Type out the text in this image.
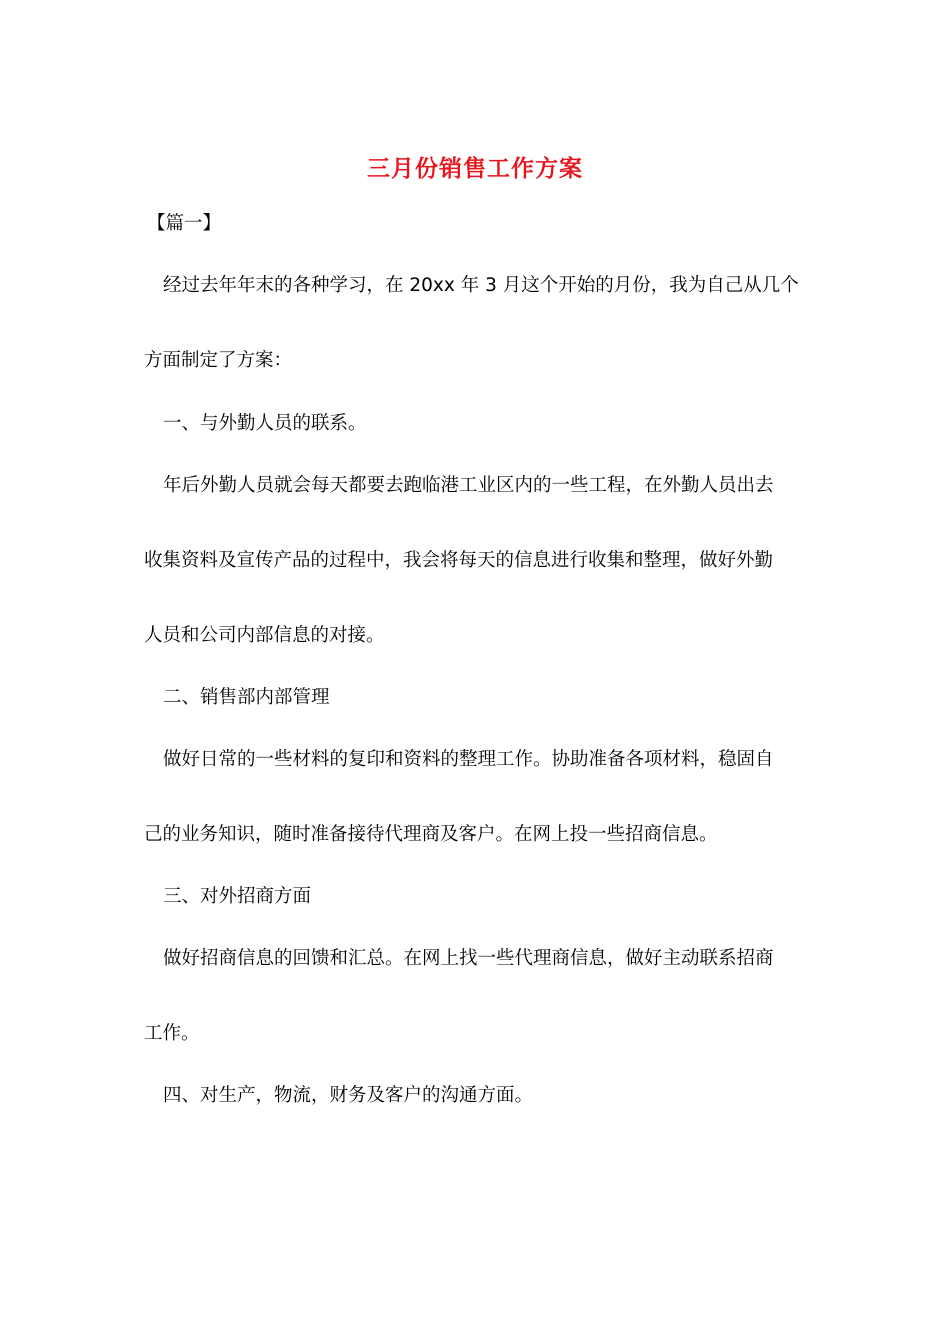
三月份销售工作方案
【篇一】
经过去年年末的各种学习，在 20xx 年 3 月这个开始的月份，我为自己从几个
方面制定了方案：
一、与外勤人员的联系。
年后外勤人员就会每天都要去跑临港工业区内的一些工程，在外勤人员出去
收集资料及宣传产品的过程中，我会将每天的信息进行收集和整理，做好外勤
人员和公司内部信息的对接。
二、销售部内部管理
做好日常的一些材料的复印和资料的整理工作。协助准备各项材料，稳固自
己的业务知识，随时准备接待代理商及客户。在网上投一些招商信息。
三、对外招商方面
做好招商信息的回馈和汇总。在网上找一些代理商信息，做好主动联系招商
工作。
四、对生产，物流，财务及客户的沟通方面。
